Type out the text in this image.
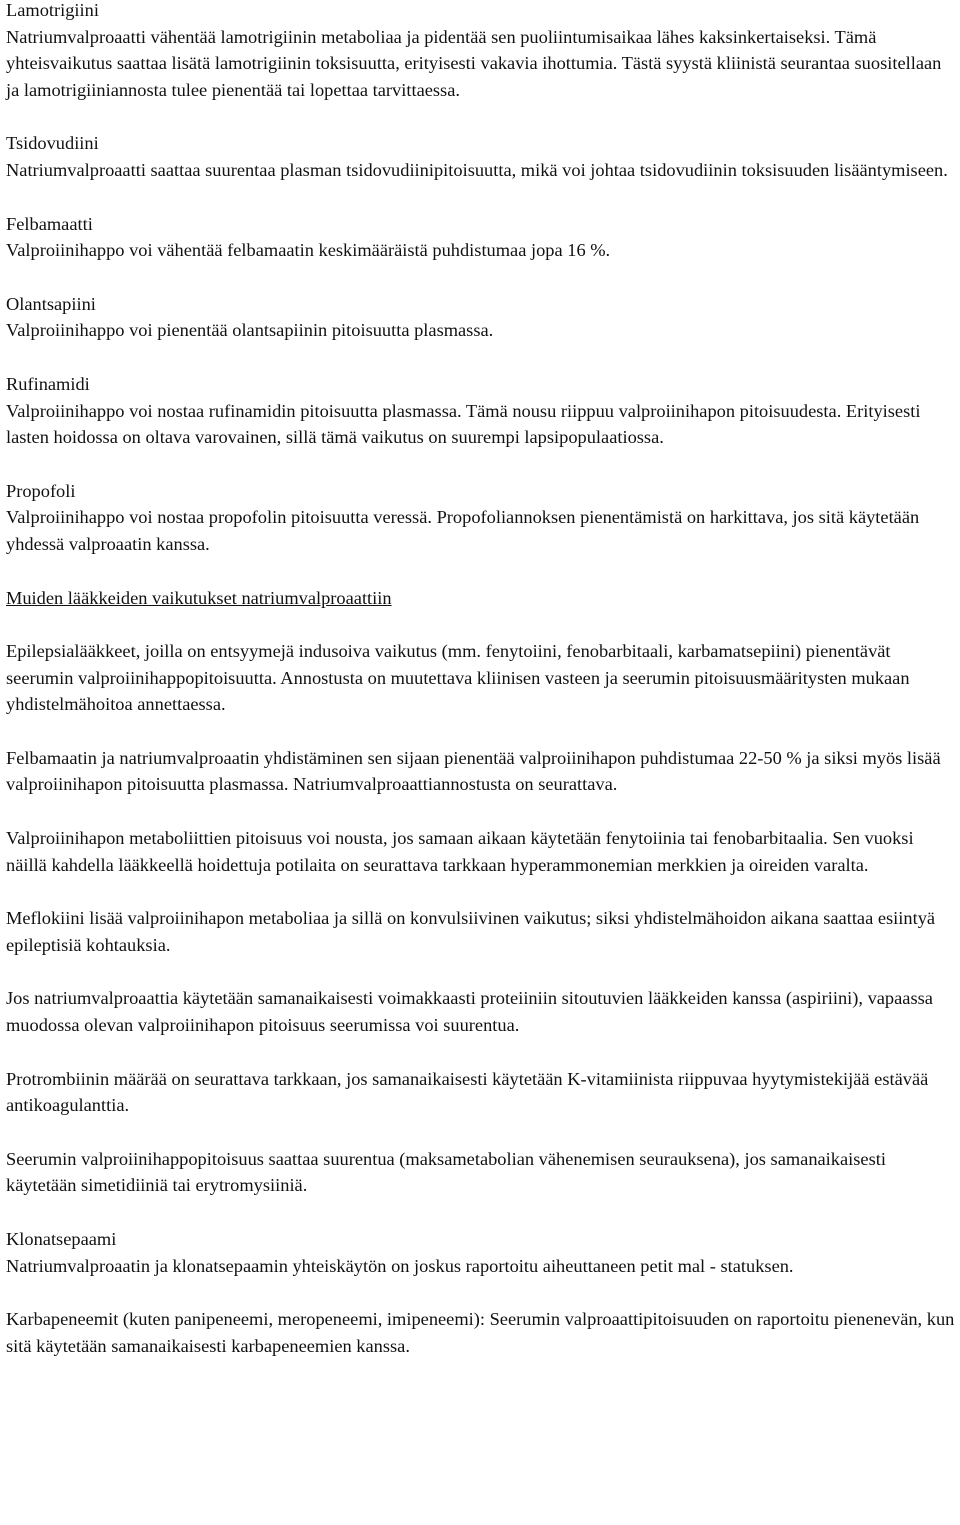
Lamotrigiini
Natriumvalproaatti vähentää lamotrigiinin metaboliaa ja pidentää sen puoliintumisaikaa lähes kaksinkertaiseksi. Tämä yhteisvaikutus saattaa lisätä lamotrigiinin toksisuutta, erityisesti vakavia ihottumia. Tästä syystä kliinistä seurantaa suositellaan ja lamotrigiiniannosta tulee pienentää tai lopettaa tarvittaessa.
Tsidovudiini
Natriumvalproaatti saattaa suurentaa plasman tsidovudiinipitoisuutta, mikä voi johtaa tsidovudiinin toksisuuden lisääntymiseen.
Felbamaatti
Valproiinihappo voi vähentää felbamaatin keskimääräistä puhdistumaa jopa 16 %.
Olantsapiini
Valproiinihappo voi pienentää olantsapiinin pitoisuutta plasmassa.
Rufinamidi
Valproiinihappo voi nostaa rufinamidin pitoisuutta plasmassa. Tämä nousu riippuu valproiinihapon pitoisuudesta. Erityisesti lasten hoidossa on oltava varovainen, sillä tämä vaikutus on suurempi lapsipopulaatiossa.
Propofoli
Valproiinihappo voi nostaa propofolin pitoisuutta veressä. Propofoliannoksen pienentämistä on harkittava, jos sitä käytetään yhdessä valproaatin kanssa.
Muiden lääkkeiden vaikutukset natriumvalproaattiin
Epilepsialääkkeet, joilla on entsyymejä indusoiva vaikutus (mm. fenytoiini, fenobarbitaali, karbamatsepiini) pienentävät seerumin valproiinihappopitoisuutta. Annostusta on muutettava kliinisen vasteen ja seerumin pitoisuusmääritysten mukaan yhdistelmähoitoa annettaessa.
Felbamaatin ja natriumvalproaatin yhdistäminen sen sijaan pienentää valproiinihapon puhdistumaa 22-50 % ja siksi myös lisää valproiinihapon pitoisuutta plasmassa. Natriumvalproaattiannostusta on seurattava.
Valproiinihapon metaboliittien pitoisuus voi nousta, jos samaan aikaan käytetään fenytoiinia tai fenobarbitaalia. Sen vuoksi näillä kahdella lääkkeellä hoidettuja potilaita on seurattava tarkkaan hyperammonemian merkkien ja oireiden varalta.
Meflokiini lisää valproiinihapon metaboliaa ja sillä on konvulsiivinen vaikutus; siksi yhdistelmähoidon aikana saattaa esiintyä epileptisiä kohtauksia.
Jos natriumvalproaattia käytetään samanaikaisesti voimakkaasti proteiiniin sitoutuvien lääkkeiden kanssa (aspiriini), vapaassa muodossa olevan valproiinihapon pitoisuus seerumissa voi suurentua.
Protrombiinin määrää on seurattava tarkkaan, jos samanaikaisesti käytetään K-vitamiinista riippuvaa hyytymistekijää estävää antikoagulanttia.
Seerumin valproiinihappopitoisuus saattaa suurentua (maksametabolian vähenemisen seurauksena), jos samanaikaisesti käytetään simetidiiniä tai erytromysiiniä.
Klonatsepaami
Natriumvalproaatin ja klonatsepaamin yhteiskäytön on joskus raportoitu aiheuttaneen petit mal - statuksen.
Karbapeneemit (kuten panipeneemi, meropeneemi, imipeneemi): Seerumin valproaattipitoisuuden on raportoitu pienenevän, kun sitä käytetään samanaikaisesti karbapeneemien kanssa.
